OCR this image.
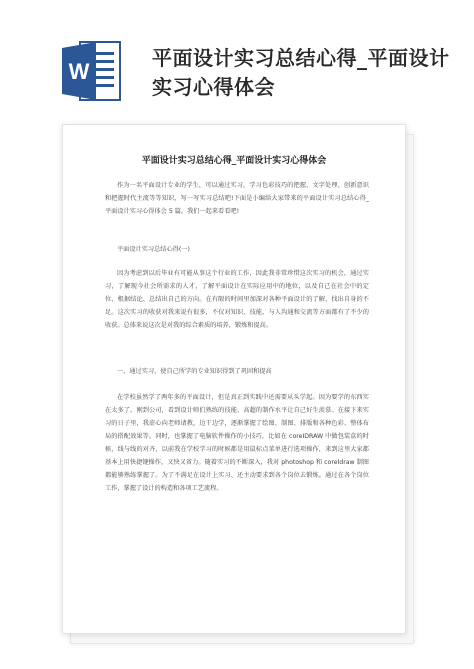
W
平面设计实习总结心得_平面设计实习心得体会
平面设计实习总结心得_平面设计实习心得体会
作为一名平面设计专业的学生，可以通过实习，学习色彩技巧的把握、文字处理、创新意识和把握时代主流等等知识，写一写实习总结吧!下面是小编给大家带来的平面设计实习总结心得_平面设计实习心得体会 5 篇，我们一起来看看吧!
平面设计实习总结心得(一)
因为考虑到以后毕业有可能从事这个行业的工作，因此我非常珍惜这次实习的机会，通过实习，了解现今社会所需求的人才，了解平面设计在实际应用中的地位，以及自己在社会中的定位、根据结论、总结出自己的方向。在有限的时间里加深对各种平面设计的了解，找出自身的不足。这次实习的收获对我来说有很多，不仅对知识、技能、与人沟通和交流等方面都有了不少的收获。总体来说这次是对我的综合素质的培养，锻炼和提高。
一、通过实习，使自己所学的专业知识得到了巩固和提高
在学校虽然学了两年多的平面设计，但是真正到实践中还需要从头学起。因为要学的东西实在太多了。刚到公司，看到设计师们熟练的技能、高超的制作水平让自己好生羡慕。在接下来实习的日子里，我虚心向老师请教，边干边学，逐渐掌握了绘图、制图、排版和各种色彩、整体布局的搭配效果等。同时，也掌握了电脑软件操作的小技巧，比如在 coreIDRAW 中做包装盒的时候，线与线的对齐，以前我在学校学习的时候都是用鼠标点菜单进行选项操作，来到这里大家都基本上用快捷键操作，又快又省力。随着实习的不断深入，我对 photoshop 和 coreldraw 制图都能够熟练掌握了。为了不满足在设计上实习、还主动要求到各个岗位去锻炼。通过在各个岗位工作，掌握了设计的构造和各项工艺流程。
